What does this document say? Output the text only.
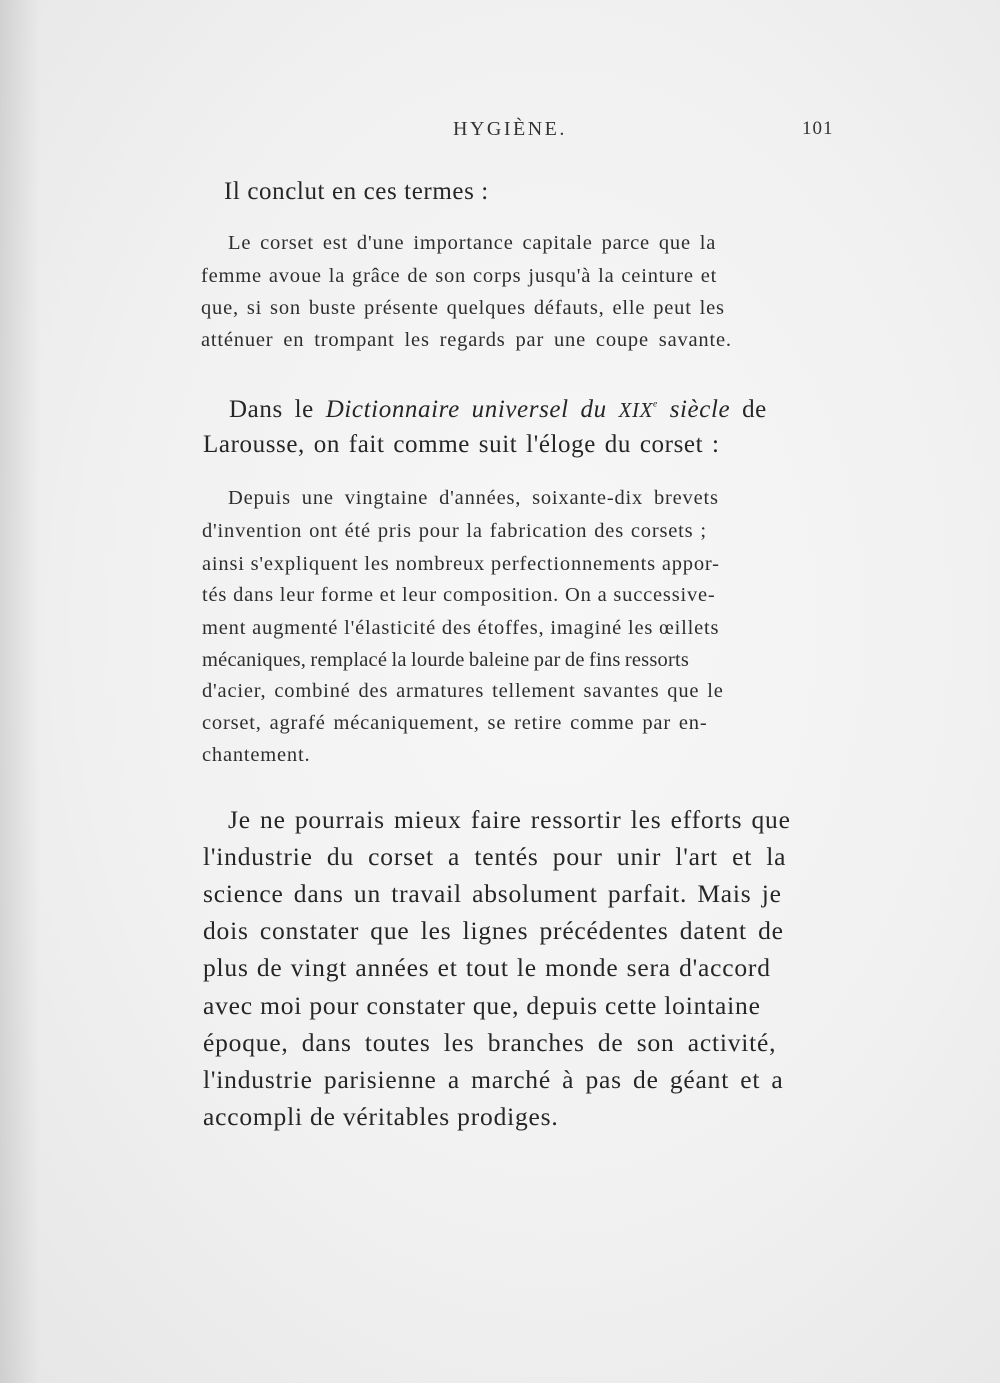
HYGIÈNE.	101
Il conclut en ces termes :
Le corset est d'une importance capitale parce que la
femme avoue la grâce de son corps jusqu'à la ceinture et
que, si son buste présente quelques défauts, elle peut les
atténuer en trompant les regards par une coupe savante.
Dans le Dictionnaire universel du XIXe siècle de
Larousse, on fait comme suit l'éloge du corset :
Depuis une vingtaine d'années, soixante-dix brevets
d'invention ont été pris pour la fabrication des corsets ;
ainsi s'expliquent les nombreux perfectionnements appor-
tés dans leur forme et leur composition. On a successive-
ment augmenté l'élasticité des étoffes, imaginé les œillets
mécaniques, remplacé la lourde baleine par de fins ressorts
d'acier, combiné des armatures tellement savantes que le
corset, agrafé mécaniquement, se retire comme par en-
chantement.
Je ne pourrais mieux faire ressortir les efforts que
l'industrie du corset a tentés pour unir l'art et la
science dans un travail absolument parfait. Mais je
dois constater que les lignes précédentes datent de
plus de vingt années et tout le monde sera d'accord
avec moi pour constater que, depuis cette lointaine
époque, dans toutes les branches de son activité,
l'industrie parisienne a marché à pas de géant et a
accompli de véritables prodiges.
